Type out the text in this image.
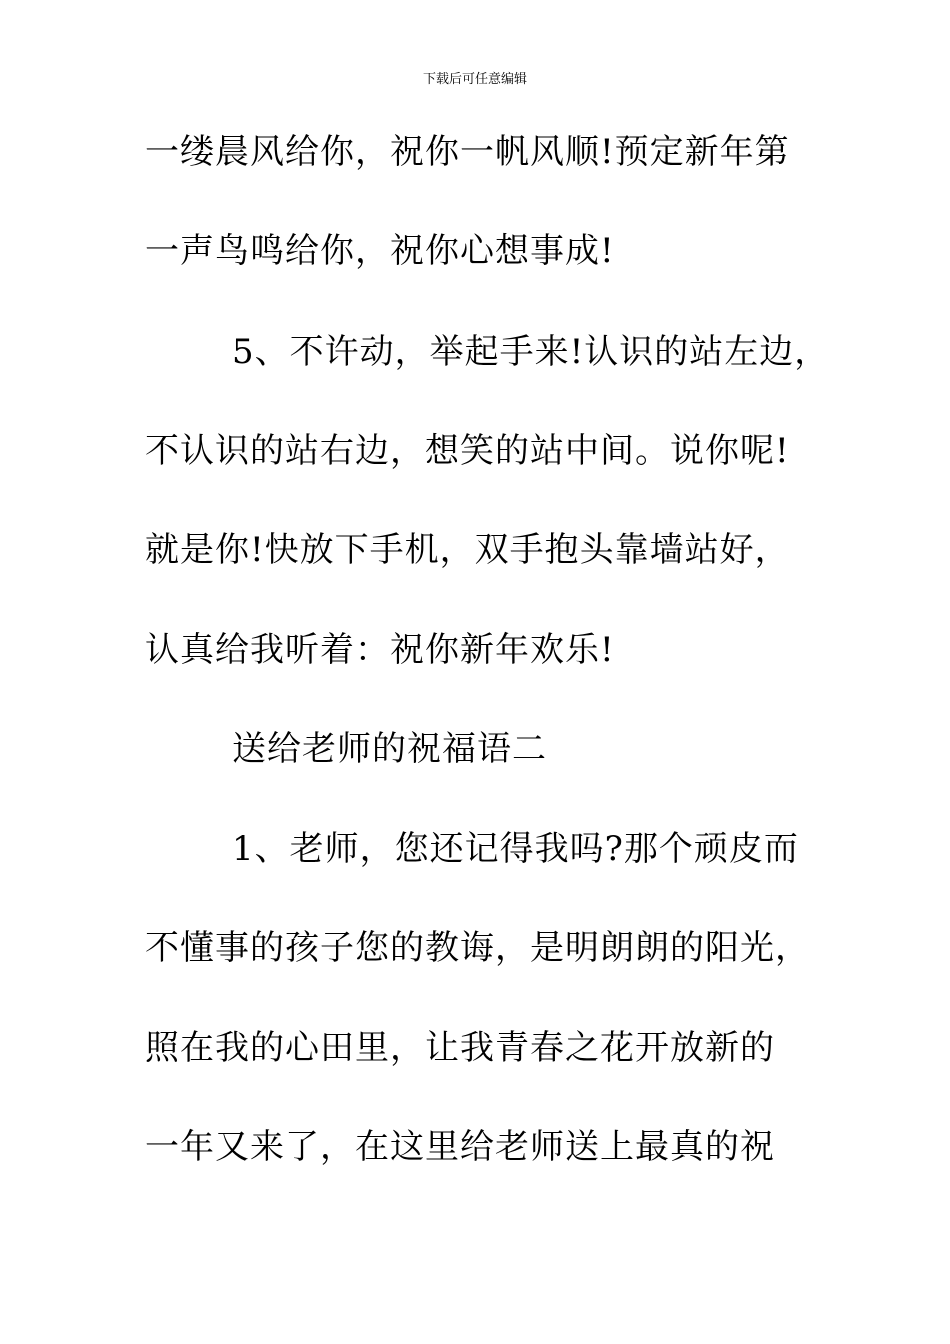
下载后可任意编辑
一缕晨风给你，祝你一帆风顺!预定新年第
一声鸟鸣给你，祝你心想事成!
5、不许动，举起手来!认识的站左边，
不认识的站右边，想笑的站中间。说你呢!
就是你!快放下手机，双手抱头靠墙站好，
认真给我听着：祝你新年欢乐!
送给老师的祝福语二
1、老师，您还记得我吗?那个顽皮而
不懂事的孩子您的教诲，是明朗朗的阳光，
照在我的心田里，让我青春之花开放新的
一年又来了，在这里给老师送上最真的祝
